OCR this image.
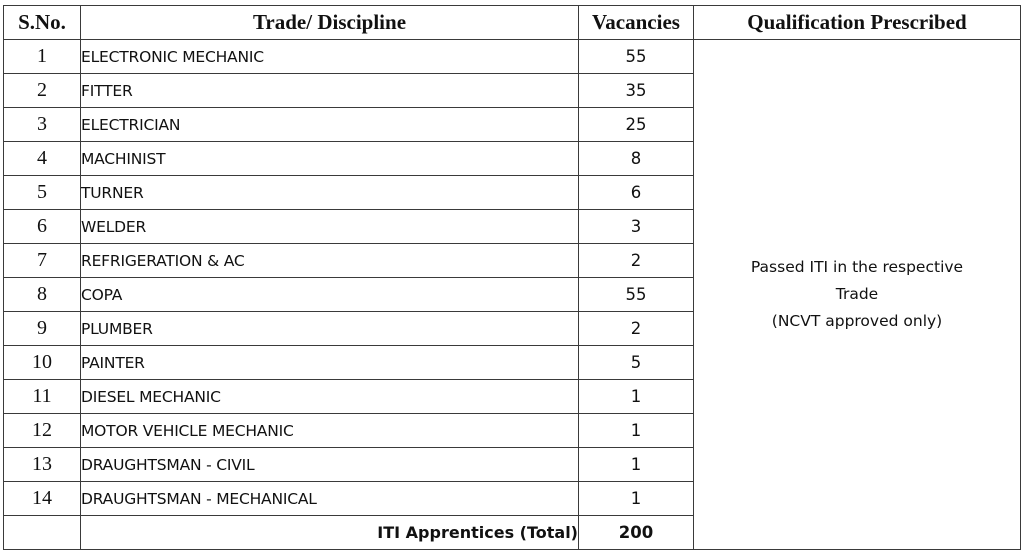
S.No.	Trade/ Discipline	Vacancies	Qualification Prescribed
1	ELECTRONIC MECHANIC	55	Passed ITI in the respective
Trade
(NCVT approved only)

2	FITTER	35	
3	ELECTRICIAN	25	
4	MACHINIST	8	
5	TURNER	6	
6	WELDER	3	
7	REFRIGERATION & AC	2	
8	COPA	55	
9	PLUMBER	2	
10	PAINTER	5	
11	DIESEL MECHANIC	1	
12	MOTOR VEHICLE MECHANIC	1	
13	DRAUGHTSMAN - CIVIL	1	
14	DRAUGHTSMAN - MECHANICAL	1	
	ITI Apprentices (Total)	200	
